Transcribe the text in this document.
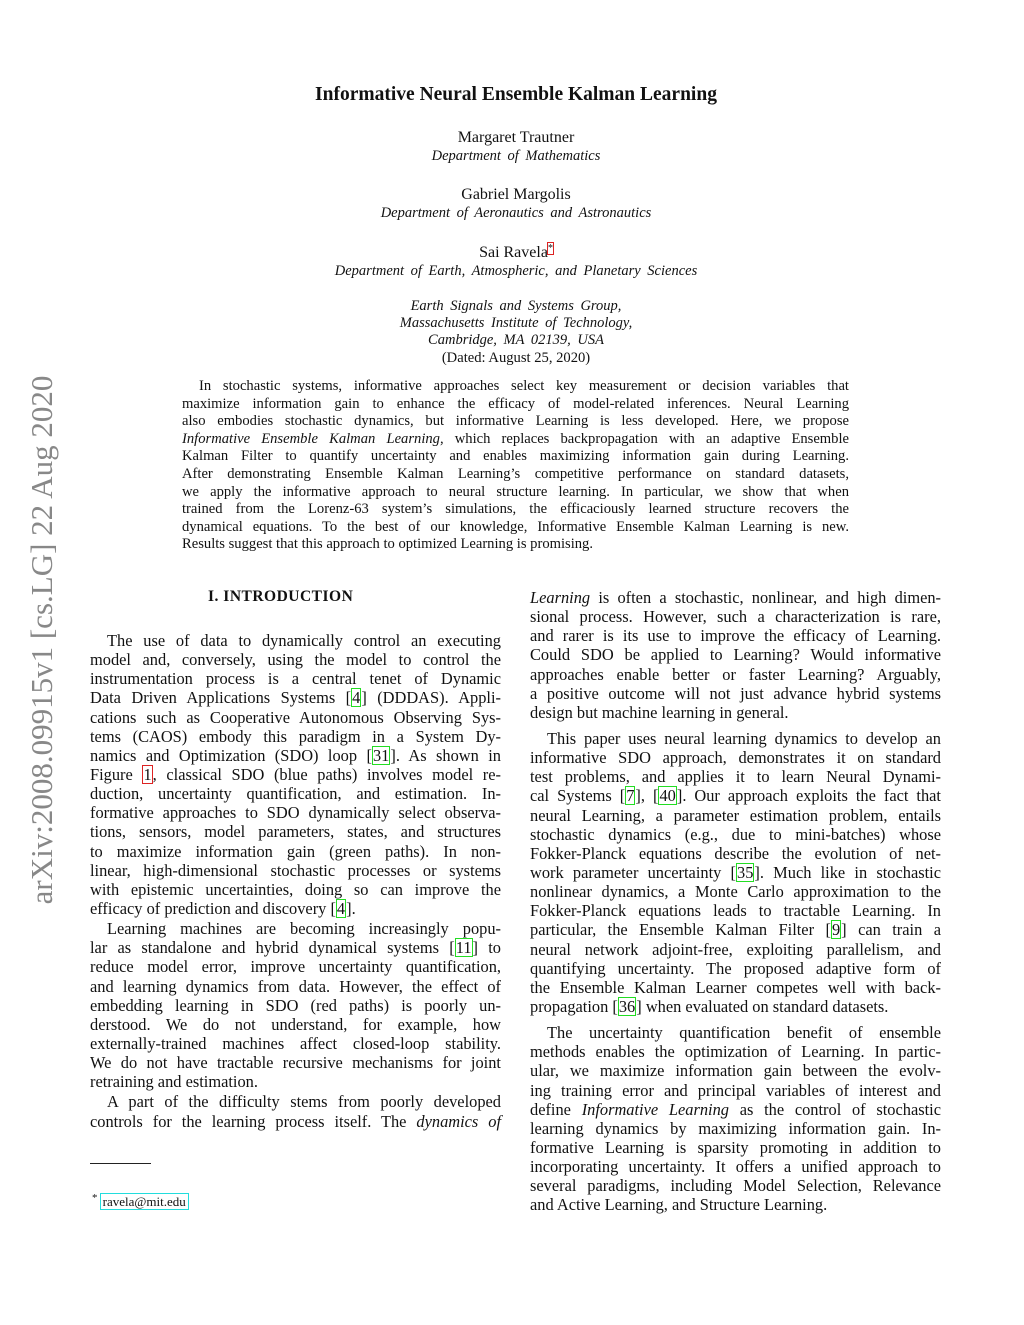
arXiv:2008.09915v1 [cs.LG] 22 Aug 2020
Informative Neural Ensemble Kalman Learning
Margaret Trautner
Department of Mathematics
Gabriel Margolis
Department of Aeronautics and Astronautics
Sai Ravela*
Department of Earth, Atmospheric, and Planetary Sciences
Earth Signals and Systems Group,
Massachusetts Institute of Technology,
Cambridge, MA 02139, USA
(Dated: August 25, 2020)
In stochastic systems, informative approaches select key measurement or decision variables that
maximize information gain to enhance the efficacy of model-related inferences. Neural Learning
also embodies stochastic dynamics, but informative Learning is less developed. Here, we propose
Informative Ensemble Kalman Learning, which replaces backpropagation with an adaptive Ensemble
Kalman Filter to quantify uncertainty and enables maximizing information gain during Learning.
After demonstrating Ensemble Kalman Learning’s competitive performance on standard datasets,
we apply the informative approach to neural structure learning. In particular, we show that when
trained from the Lorenz-63 system’s simulations, the efficaciously learned structure recovers the
dynamical equations. To the best of our knowledge, Informative Ensemble Kalman Learning is new.
Results suggest that this approach to optimized Learning is promising.
I. INTRODUCTION
The use of data to dynamically control an executing
model and, conversely, using the model to control the
instrumentation process is a central tenet of Dynamic
Data Driven Applications Systems [4] (DDDAS). Appli-
cations such as Cooperative Autonomous Observing Sys-
tems (CAOS) embody this paradigm in a System Dy-
namics and Optimization (SDO) loop [31]. As shown in
Figure 1, classical SDO (blue paths) involves model re-
duction, uncertainty quantification, and estimation. In-
formative approaches to SDO dynamically select observa-
tions, sensors, model parameters, states, and structures
to maximize information gain (green paths). In non-
linear, high-dimensional stochastic processes or systems
with epistemic uncertainties, doing so can improve the
efficacy of prediction and discovery [4].
Learning machines are becoming increasingly popu-
lar as standalone and hybrid dynamical systems [11] to
reduce model error, improve uncertainty quantification,
and learning dynamics from data. However, the effect of
embedding learning in SDO (red paths) is poorly un-
derstood. We do not understand, for example, how
externally-trained machines affect closed-loop stability.
We do not have tractable recursive mechanisms for joint
retraining and estimation.
A part of the difficulty stems from poorly developed
controls for the learning process itself. The dynamics of
Learning is often a stochastic, nonlinear, and high dimen-
sional process. However, such a characterization is rare,
and rarer is its use to improve the efficacy of Learning.
Could SDO be applied to Learning? Would informative
approaches enable better or faster Learning? Arguably,
a positive outcome will not just advance hybrid systems
design but machine learning in general.
This paper uses neural learning dynamics to develop an
informative SDO approach, demonstrates it on standard
test problems, and applies it to learn Neural Dynami-
cal Systems [7], [40]. Our approach exploits the fact that
neural Learning, a parameter estimation problem, entails
stochastic dynamics (e.g., due to mini-batches) whose
Fokker-Planck equations describe the evolution of net-
work parameter uncertainty [35]. Much like in stochastic
nonlinear dynamics, a Monte Carlo approximation to the
Fokker-Planck equations leads to tractable Learning. In
particular, the Ensemble Kalman Filter [9] can train a
neural network adjoint-free, exploiting parallelism, and
quantifying uncertainty. The proposed adaptive form of
the Ensemble Kalman Learner competes well with back-
propagation [36] when evaluated on standard datasets.
The uncertainty quantification benefit of ensemble
methods enables the optimization of Learning. In partic-
ular, we maximize information gain between the evolv-
ing training error and principal variables of interest and
define Informative Learning as the control of stochastic
learning dynamics by maximizing information gain. In-
formative Learning is sparsity promoting in addition to
incorporating uncertainty. It offers a unified approach to
several paradigms, including Model Selection, Relevance
and Active Learning, and Structure Learning.
* ravela@mit.edu
